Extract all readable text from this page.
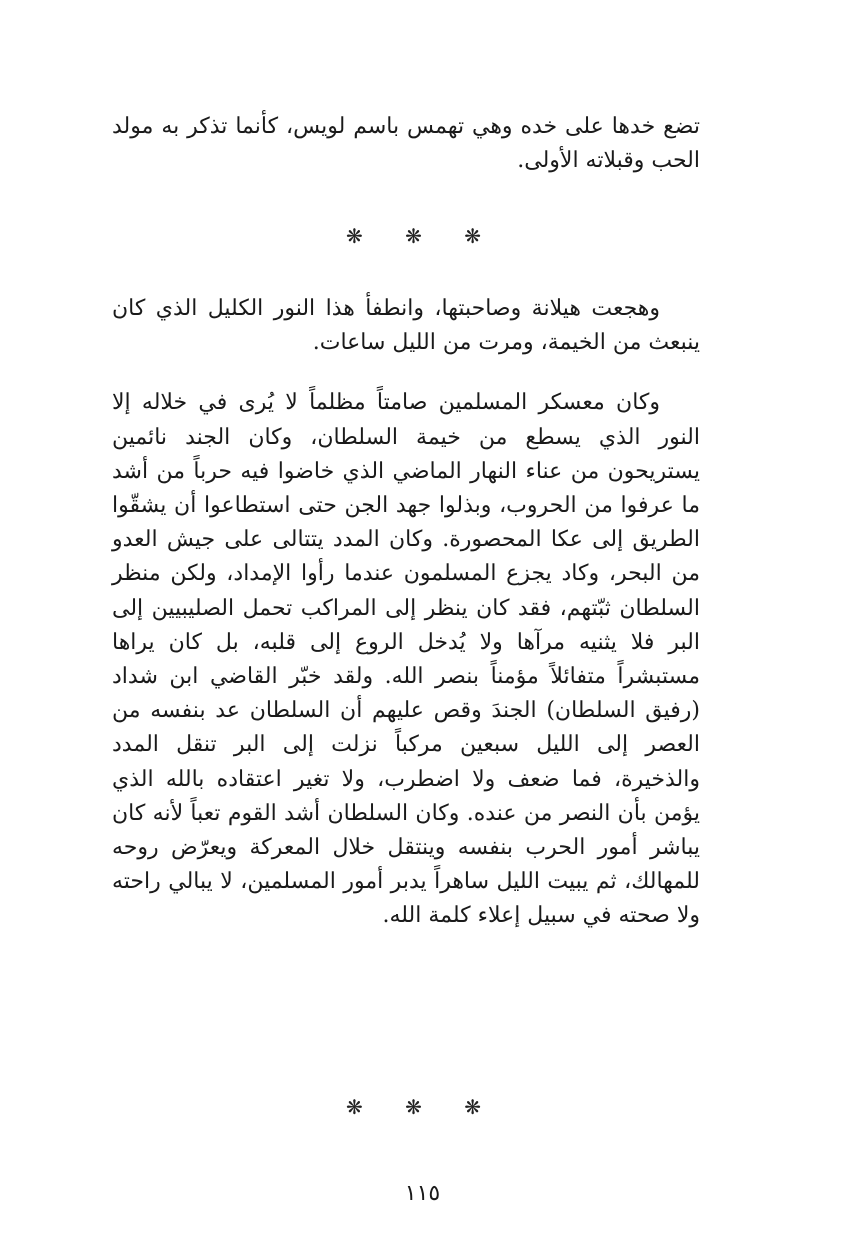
تضع خدها على خده وهي تهمس باسم لويس، كأنما تذكر به مولد الحب وقبلاته الأولى.

❋ ❋ ❋

وهجعت هيلانة وصاحبتها، وانطفأ هذا النور الكليل الذي كان ينبعث من الخيمة، ومرت من الليل ساعات.

وكان معسكر المسلمين صامتاً مظلماً لا يُرى في خلاله إلا النور الذي يسطع من خيمة السلطان، وكان الجند نائمين يستريحون من عناء النهار الماضي الذي خاضوا فيه حرباً من أشد ما عرفوا من الحروب، وبذلوا جهد الجن حتى استطاعوا أن يشقّوا الطريق إلى عكا المحصورة. وكان المدد يتتالى على جيش العدو من البحر، وكاد يجزع المسلمون عندما رأوا الإمداد، ولكن منظر السلطان ثبّتهم، فقد كان ينظر إلى المراكب تحمل الصليبيين إلى البر فلا يثنيه مرآها ولا يُدخل الروع إلى قلبه، بل كان يراها مستبشراً متفائلاً مؤمناً بنصر الله. ولقد خبّر القاضي ابن شداد (رفيق السلطان) الجندَ وقص عليهم أن السلطان عد بنفسه من العصر إلى الليل سبعين مركباً نزلت إلى البر تنقل المدد والذخيرة، فما ضعف ولا اضطرب، ولا تغير اعتقاده بالله الذي يؤمن بأن النصر من عنده. وكان السلطان أشد القوم تعباً لأنه كان يباشر أمور الحرب بنفسه وينتقل خلال المعركة ويعرّض روحه للمهالك، ثم يبيت الليل ساهراً يدبر أمور المسلمين، لا يبالي راحته ولا صحته في سبيل إعلاء كلمة الله.

❋ ❋ ❋
١١٥
